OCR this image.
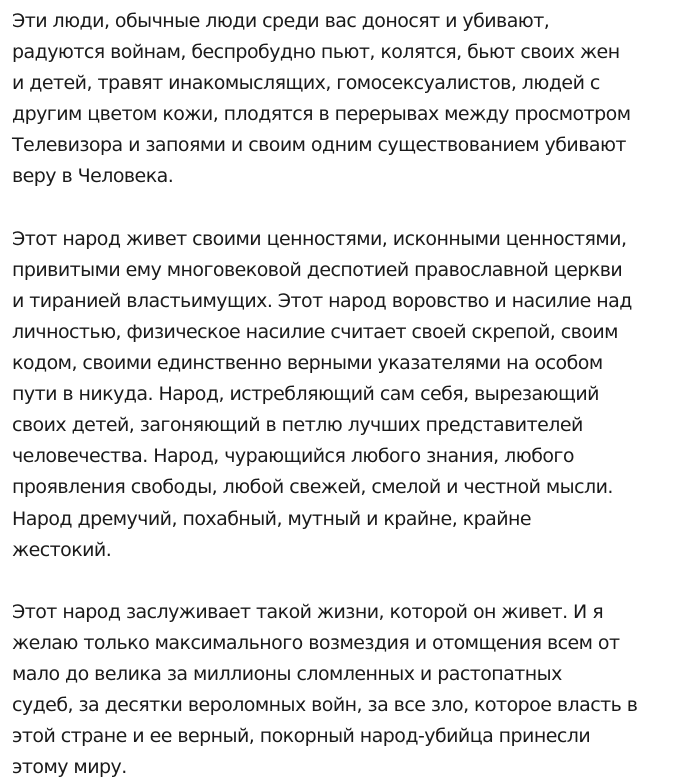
Эти люди, обычные люди среди вас доносят и убивают,
радуются войнам, беспробудно пьют, колятся, бьют своих жен
и детей, травят инакомыслящих, гомосексуалистов, людей с
другим цветом кожи, плодятся в перерывах между просмотром
Телевизора и запоями и своим одним существованием убивают
веру в Человека.

Этот народ живет своими ценностями, исконными ценностями,
привитыми ему многовековой деспотией православной церкви
и тиранией властьимущих. Этот народ воровство и насилие над
личностью, физическое насилие считает своей скрепой, своим
кодом, своими единственно верными указателями на особом
пути в никуда. Народ, истребляющий сам себя, вырезающий
своих детей, загоняющий в петлю лучших представителей
человечества. Народ, чурающийся любого знания, любого
проявления свободы, любой свежей, смелой и честной мысли.
Народ дремучий, похабный, мутный и крайне, крайне
жестокий.

Этот народ заслуживает такой жизни, которой он живет. И я
желаю только максимального возмездия и отомщения всем от
мало до велика за миллионы сломленных и растопатных
судеб, за десятки вероломных войн, за все зло, которое власть в
этой стране и ее верный, покорный народ-убийца принесли
этому миру.
